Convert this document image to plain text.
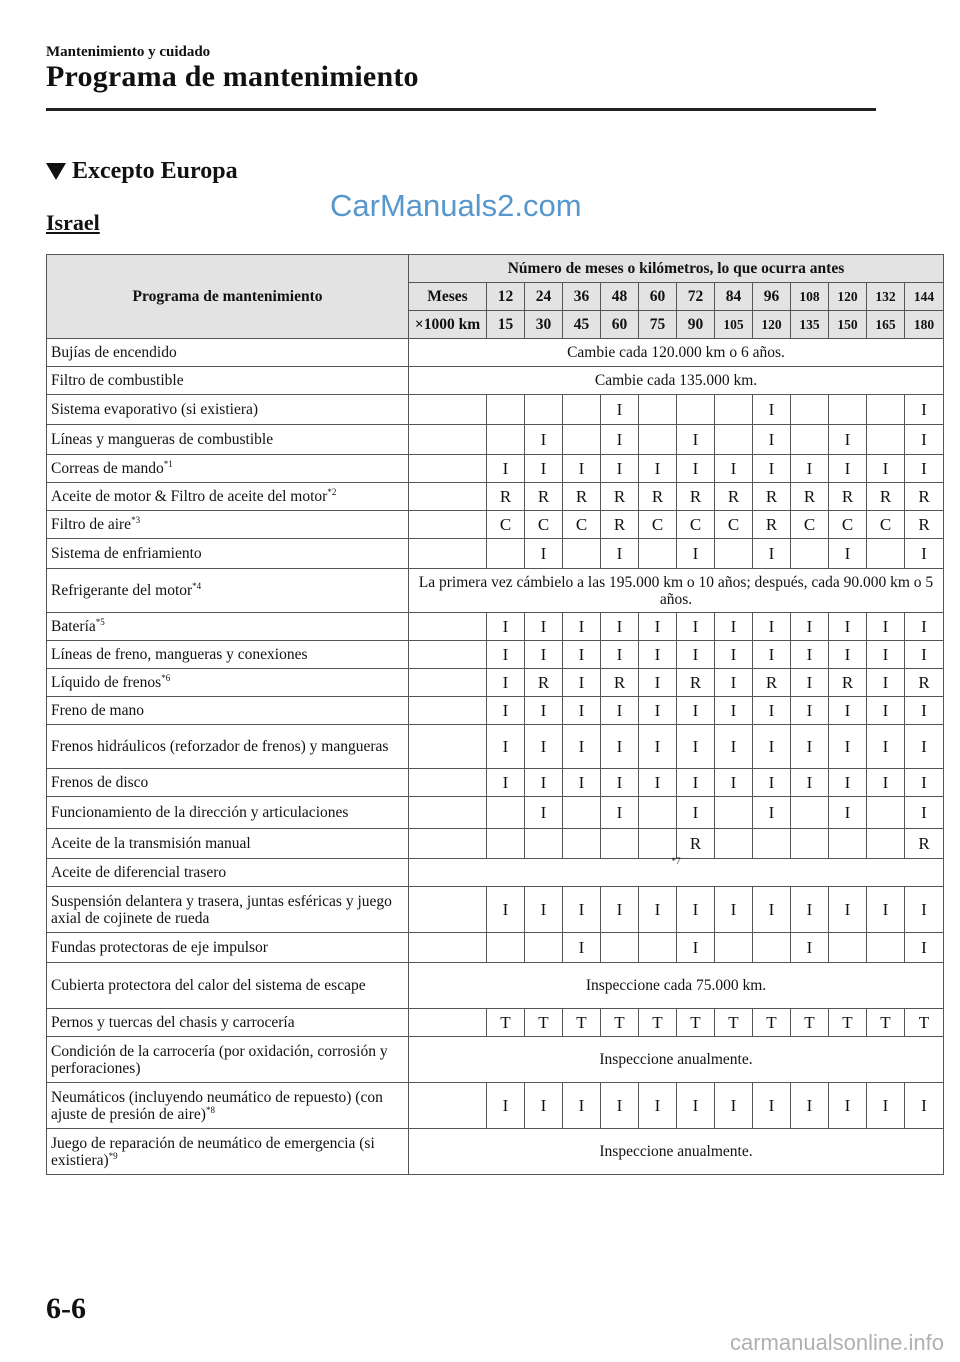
Mantenimiento y cuidado
Programa de mantenimiento
Excepto Europa
Israel	CarManuals2.com
Programa de mantenimiento	Número de meses o kilómetros, lo que ocurra antes												
	Meses	12	24	36	48	60	72	84	96	108	120	132	144
	×1000 km	15	30	45	60	75	90	105	120	135	150	165	180
Bujías de encendido	Cambie cada 120.000 km o 6 años.												
Filtro de combustible	Cambie cada 135.000 km.												
Sistema evaporativo (si existiera)					I				I				I
Líneas y mangueras de combustible			I		I		I		I		I		I
Correas de mando$^{*1}$		I	I	I	I	I	I	I	I	I	I	I	I
Aceite de motor & Filtro de aceite del motor$^{*2}$		R	R	R	R	R	R	R	R	R	R	R	R
Filtro de aire$^{*3}$		C	C	C	R	C	C	C	R	C	C	C	R
Sistema de enfriamiento			I		I		I		I		I		I
Refrigerante del motor$^{*4}$	La primera vez cámbielo a las 195.000 km o 10 años; después, cada 90.000 km o 5 años.												
Batería$^{*5}$		I	I	I	I	I	I	I	I	I	I	I	I
Líneas de freno, mangueras y conexiones		I	I	I	I	I	I	I	I	I	I	I	I
Líquido de frenos$^{*6}$		I	R	I	R	I	R	I	R	I	R	I	R
Freno de mano		I	I	I	I	I	I	I	I	I	I	I	I
Frenos hidráulicos (reforzador de frenos) y mangueras		I	I	I	I	I	I	I	I	I	I	I	I
Frenos de disco		I	I	I	I	I	I	I	I	I	I	I	I
Funcionamiento de la dirección y articulaciones			I		I		I		I		I		I
Aceite de la transmisión manual							R						R
Aceite de diferencial trasero	$^{*7}$
Suspensión delantera y trasera, juntas esféricas y juego axial de cojinete de rueda		I	I	I	I	I	I	I	I	I	I	I	I
Fundas protectoras de eje impulsor				I			I			I			I
Cubierta protectora del calor del sistema de escape	Inspeccione cada 75.000 km.												
Pernos y tuercas del chasis y carrocería		T	T	T	T	T	T	T	T	T	T	T	T
Condición de la carrocería (por oxidación, corrosión y perforaciones)	Inspeccione anualmente.												
Neumáticos (incluyendo neumático de repuesto) (con ajuste de presión de aire)$^{*8}$		I	I	I	I	I	I	I	I	I	I	I	I
Juego de reparación de neumático de emergencia (si existiera)$^{*9}$	Inspeccione anualmente.												
6-6
carmanualsonline.info
